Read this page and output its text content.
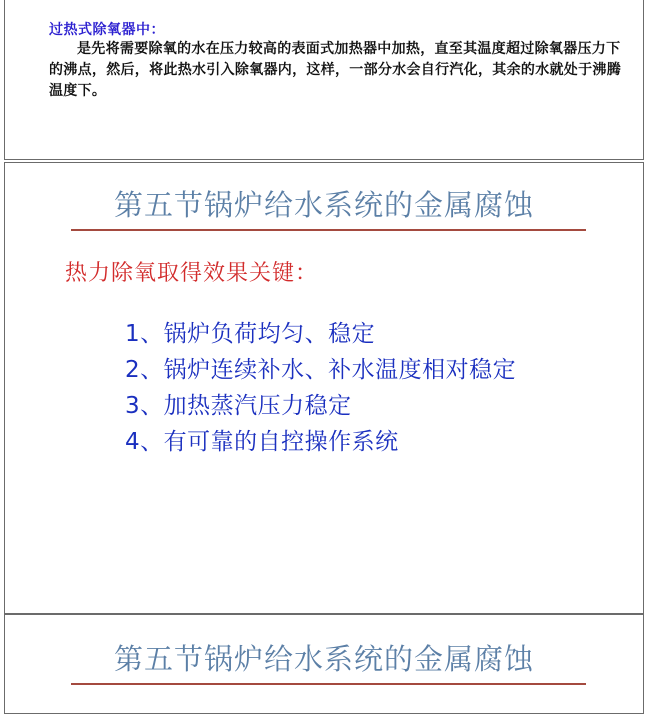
过热式除氧器中：
是先将需要除氧的水在压力较高的表面式加热器中加热，直至其温度超过除氧器压力下的沸点，然后，将此热水引入除氧器内，这样，一部分水会自行汽化，其余的水就处于沸腾温度下。
第五节锅炉给水系统的金属腐蚀
热力除氧取得效果关键：
1、锅炉负荷均匀、稳定
2、锅炉连续补水、补水温度相对稳定
3、加热蒸汽压力稳定
4、有可靠的自控操作系统
第五节锅炉给水系统的金属腐蚀
